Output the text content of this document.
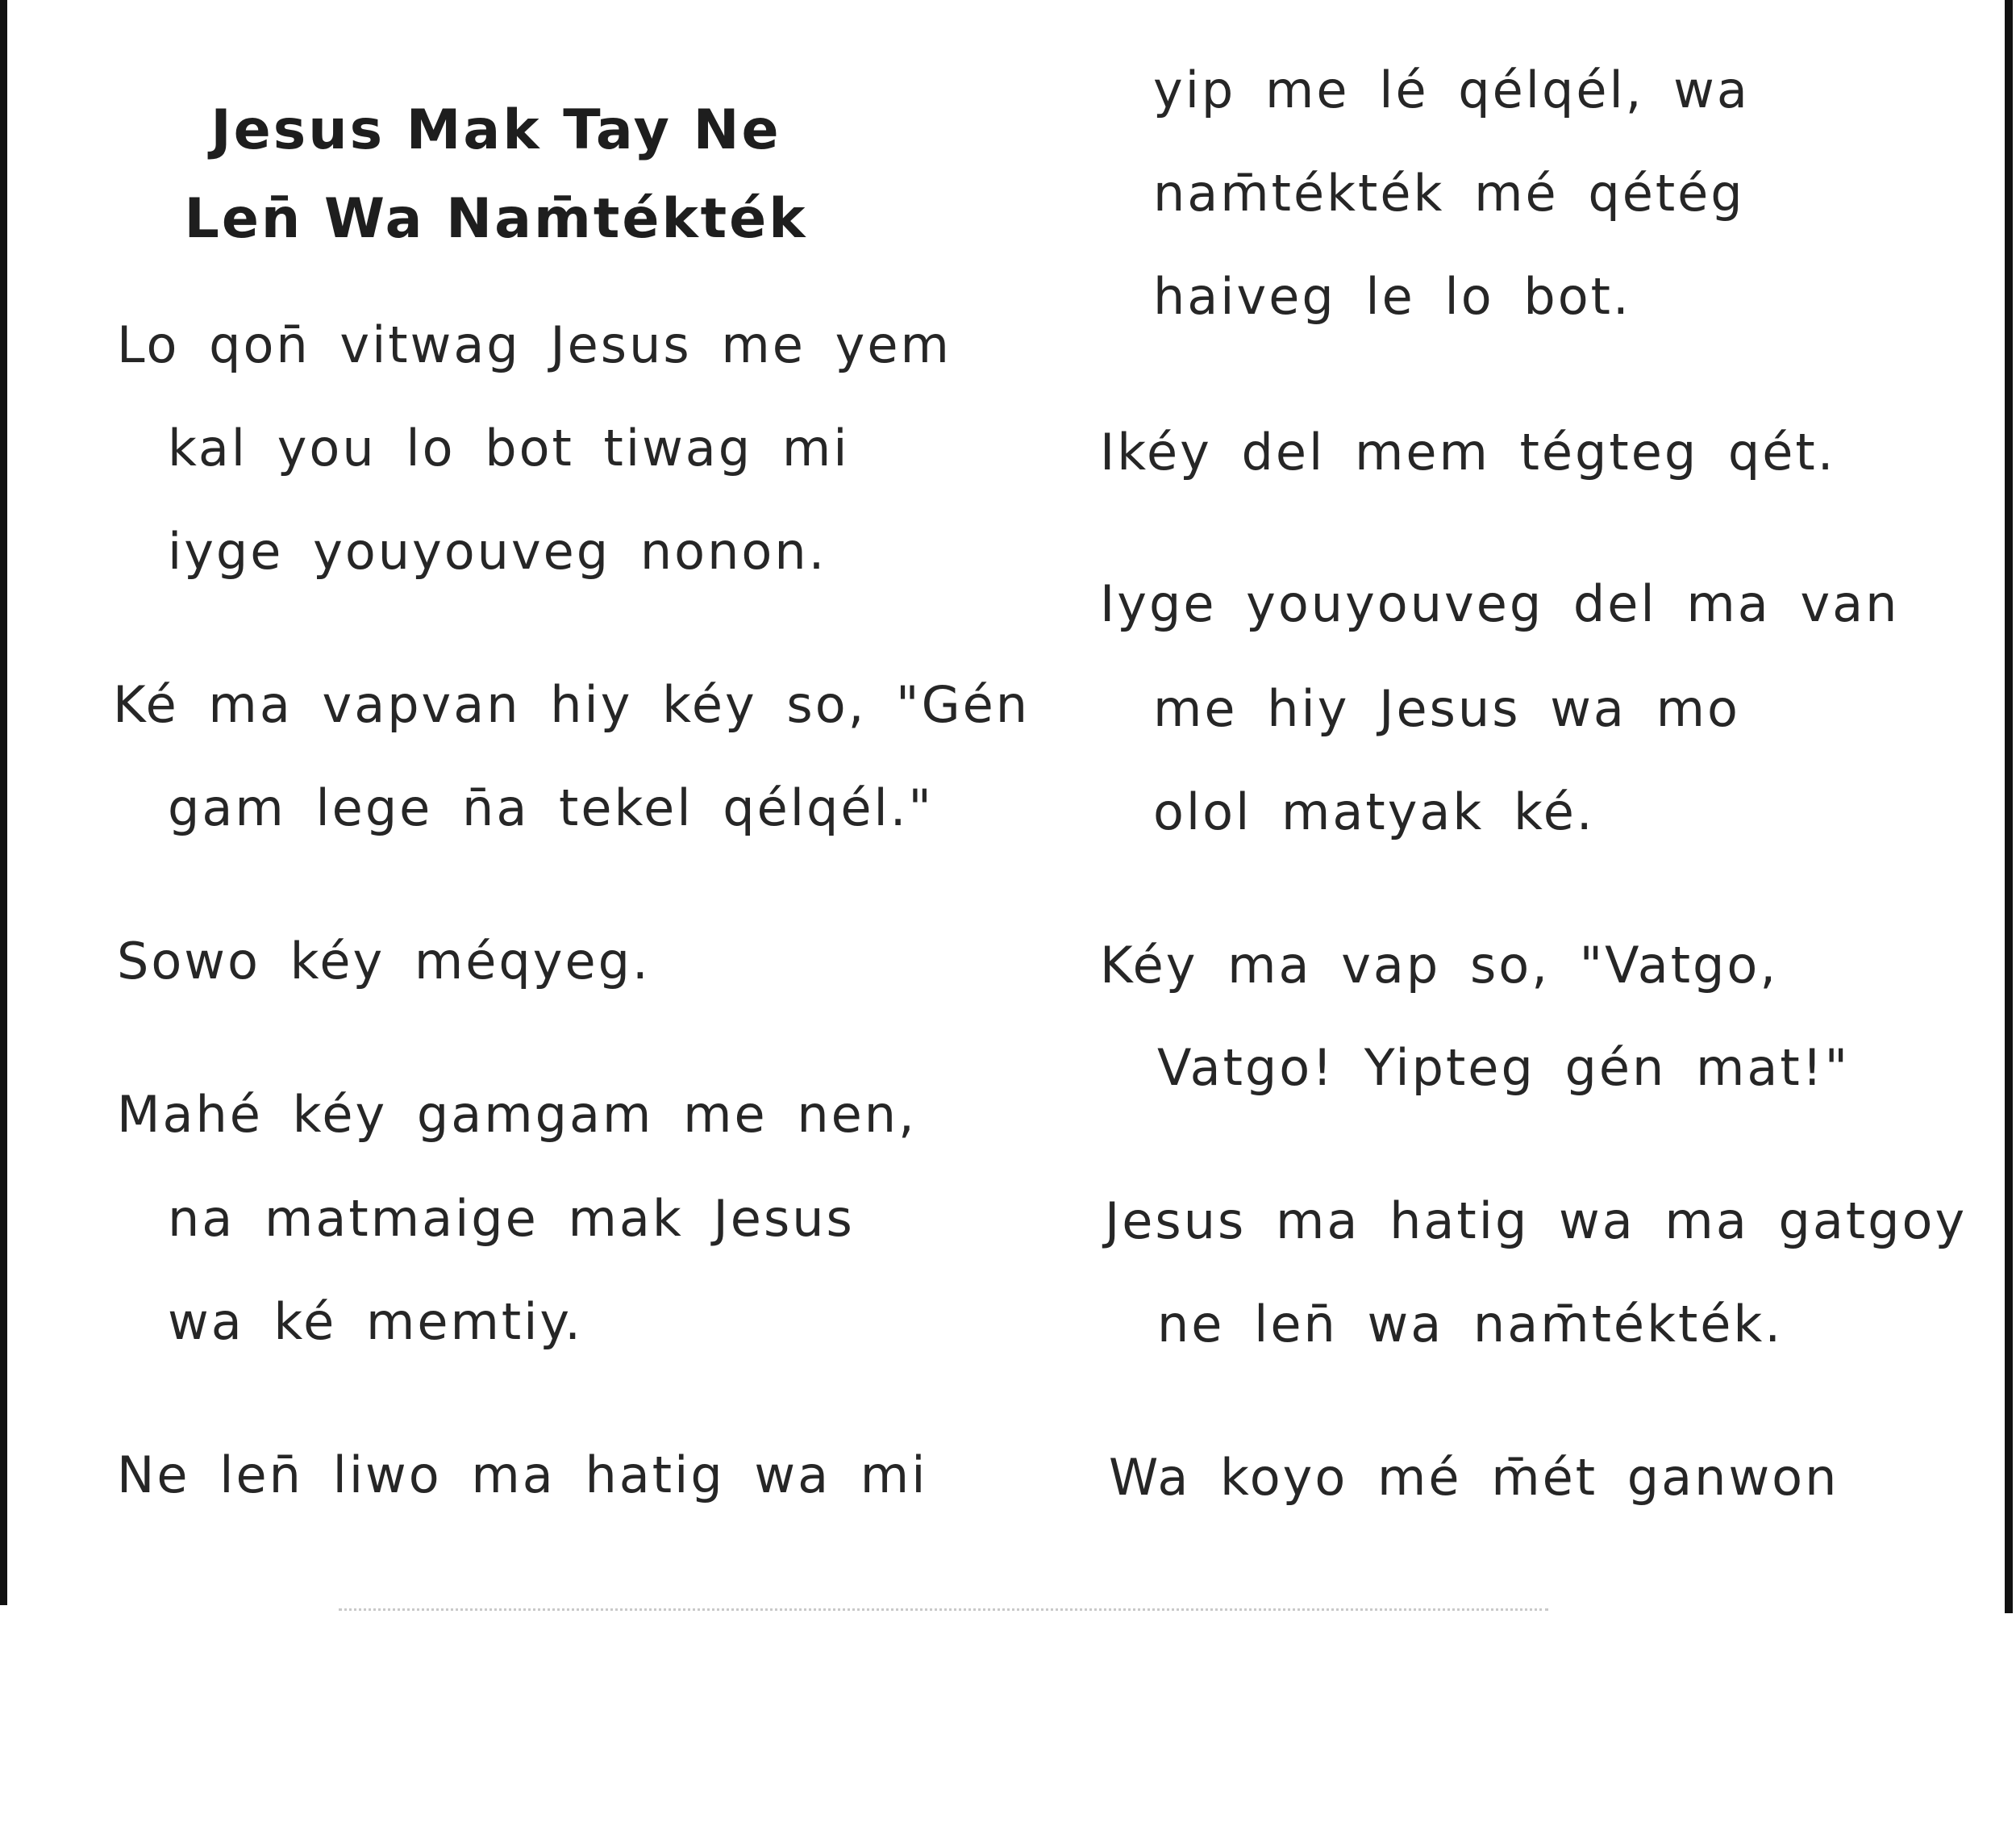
Jesus Mak Tay Ne
Len̄ Wa Nam̄tékték
Lo qon̄ vitwag Jesus me yem
kal you lo bot tiwag mi
iyge youyouveg nonon.
Ké ma vapvan hiy kéy so, "Gén
gam lege n̄a tekel qélqél."
Sowo kéy méqyeg.
Mahé kéy gamgam me nen,
na matmaige mak Jesus
wa ké memtiy.
Ne len̄ liwo ma hatig wa mi
yip me lé qélqél, wa
nam̄tékték mé qétég
haiveg le lo bot.
Ikéy del mem tégteg qét.
Iyge youyouveg del ma van
me hiy Jesus wa mo
olol matyak ké.
Kéy ma vap so, "Vatgo,
Vatgo! Yipteg gén mat!"
Jesus ma hatig wa ma gatgoy
ne len̄ wa nam̄tékték.
Wa koyo mé m̄ét ganwon
